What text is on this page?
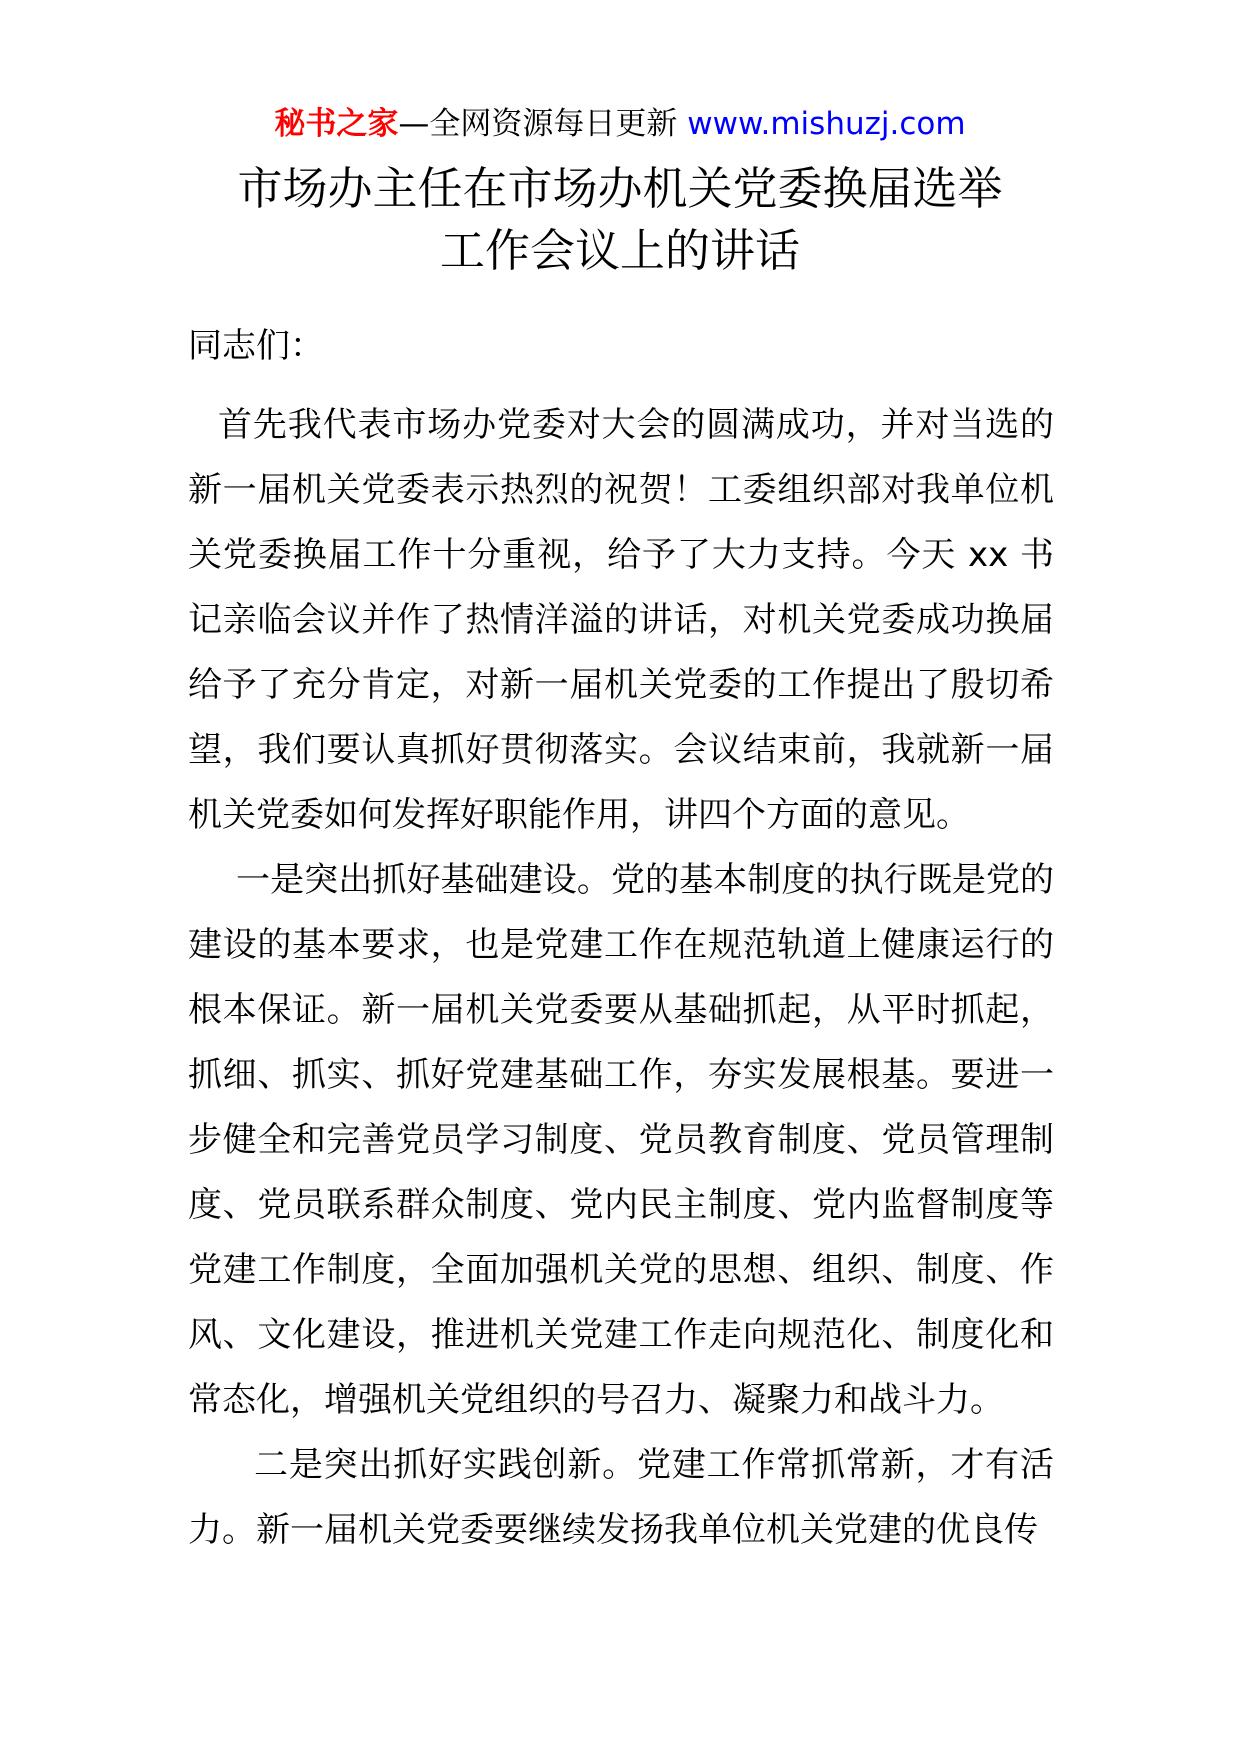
秘书之家—全网资源每日更新 www.mishuzj.com
市场办主任在市场办机关党委换届选举
工作会议上的讲话
同志们：

首先我代表市场办党委对大会的圆满成功，并对当选的新一届机关党委表示热烈的祝贺！工委组织部对我单位机关党委换届工作十分重视，给予了大力支持。今天 xx 书记亲临会议并作了热情洋溢的讲话，对机关党委成功换届给予了充分肯定，对新一届机关党委的工作提出了殷切希望，我们要认真抓好贯彻落实。会议结束前，我就新一届机关党委如何发挥好职能作用，讲四个方面的意见。

一是突出抓好基础建设。党的基本制度的执行既是党的建设的基本要求，也是党建工作在规范轨道上健康运行的根本保证。新一届机关党委要从基础抓起，从平时抓起，抓细、抓实、抓好党建基础工作，夯实发展根基。要进一步健全和完善党员学习制度、党员教育制度、党员管理制度、党员联系群众制度、党内民主制度、党内监督制度等党建工作制度，全面加强机关党的思想、组织、制度、作风、文化建设，推进机关党建工作走向规范化、制度化和常态化，增强机关党组织的号召力、凝聚力和战斗力。

二是突出抓好实践创新。党建工作常抓常新，才有活力。新一届机关党委要继续发扬我单位机关党建的优良传
